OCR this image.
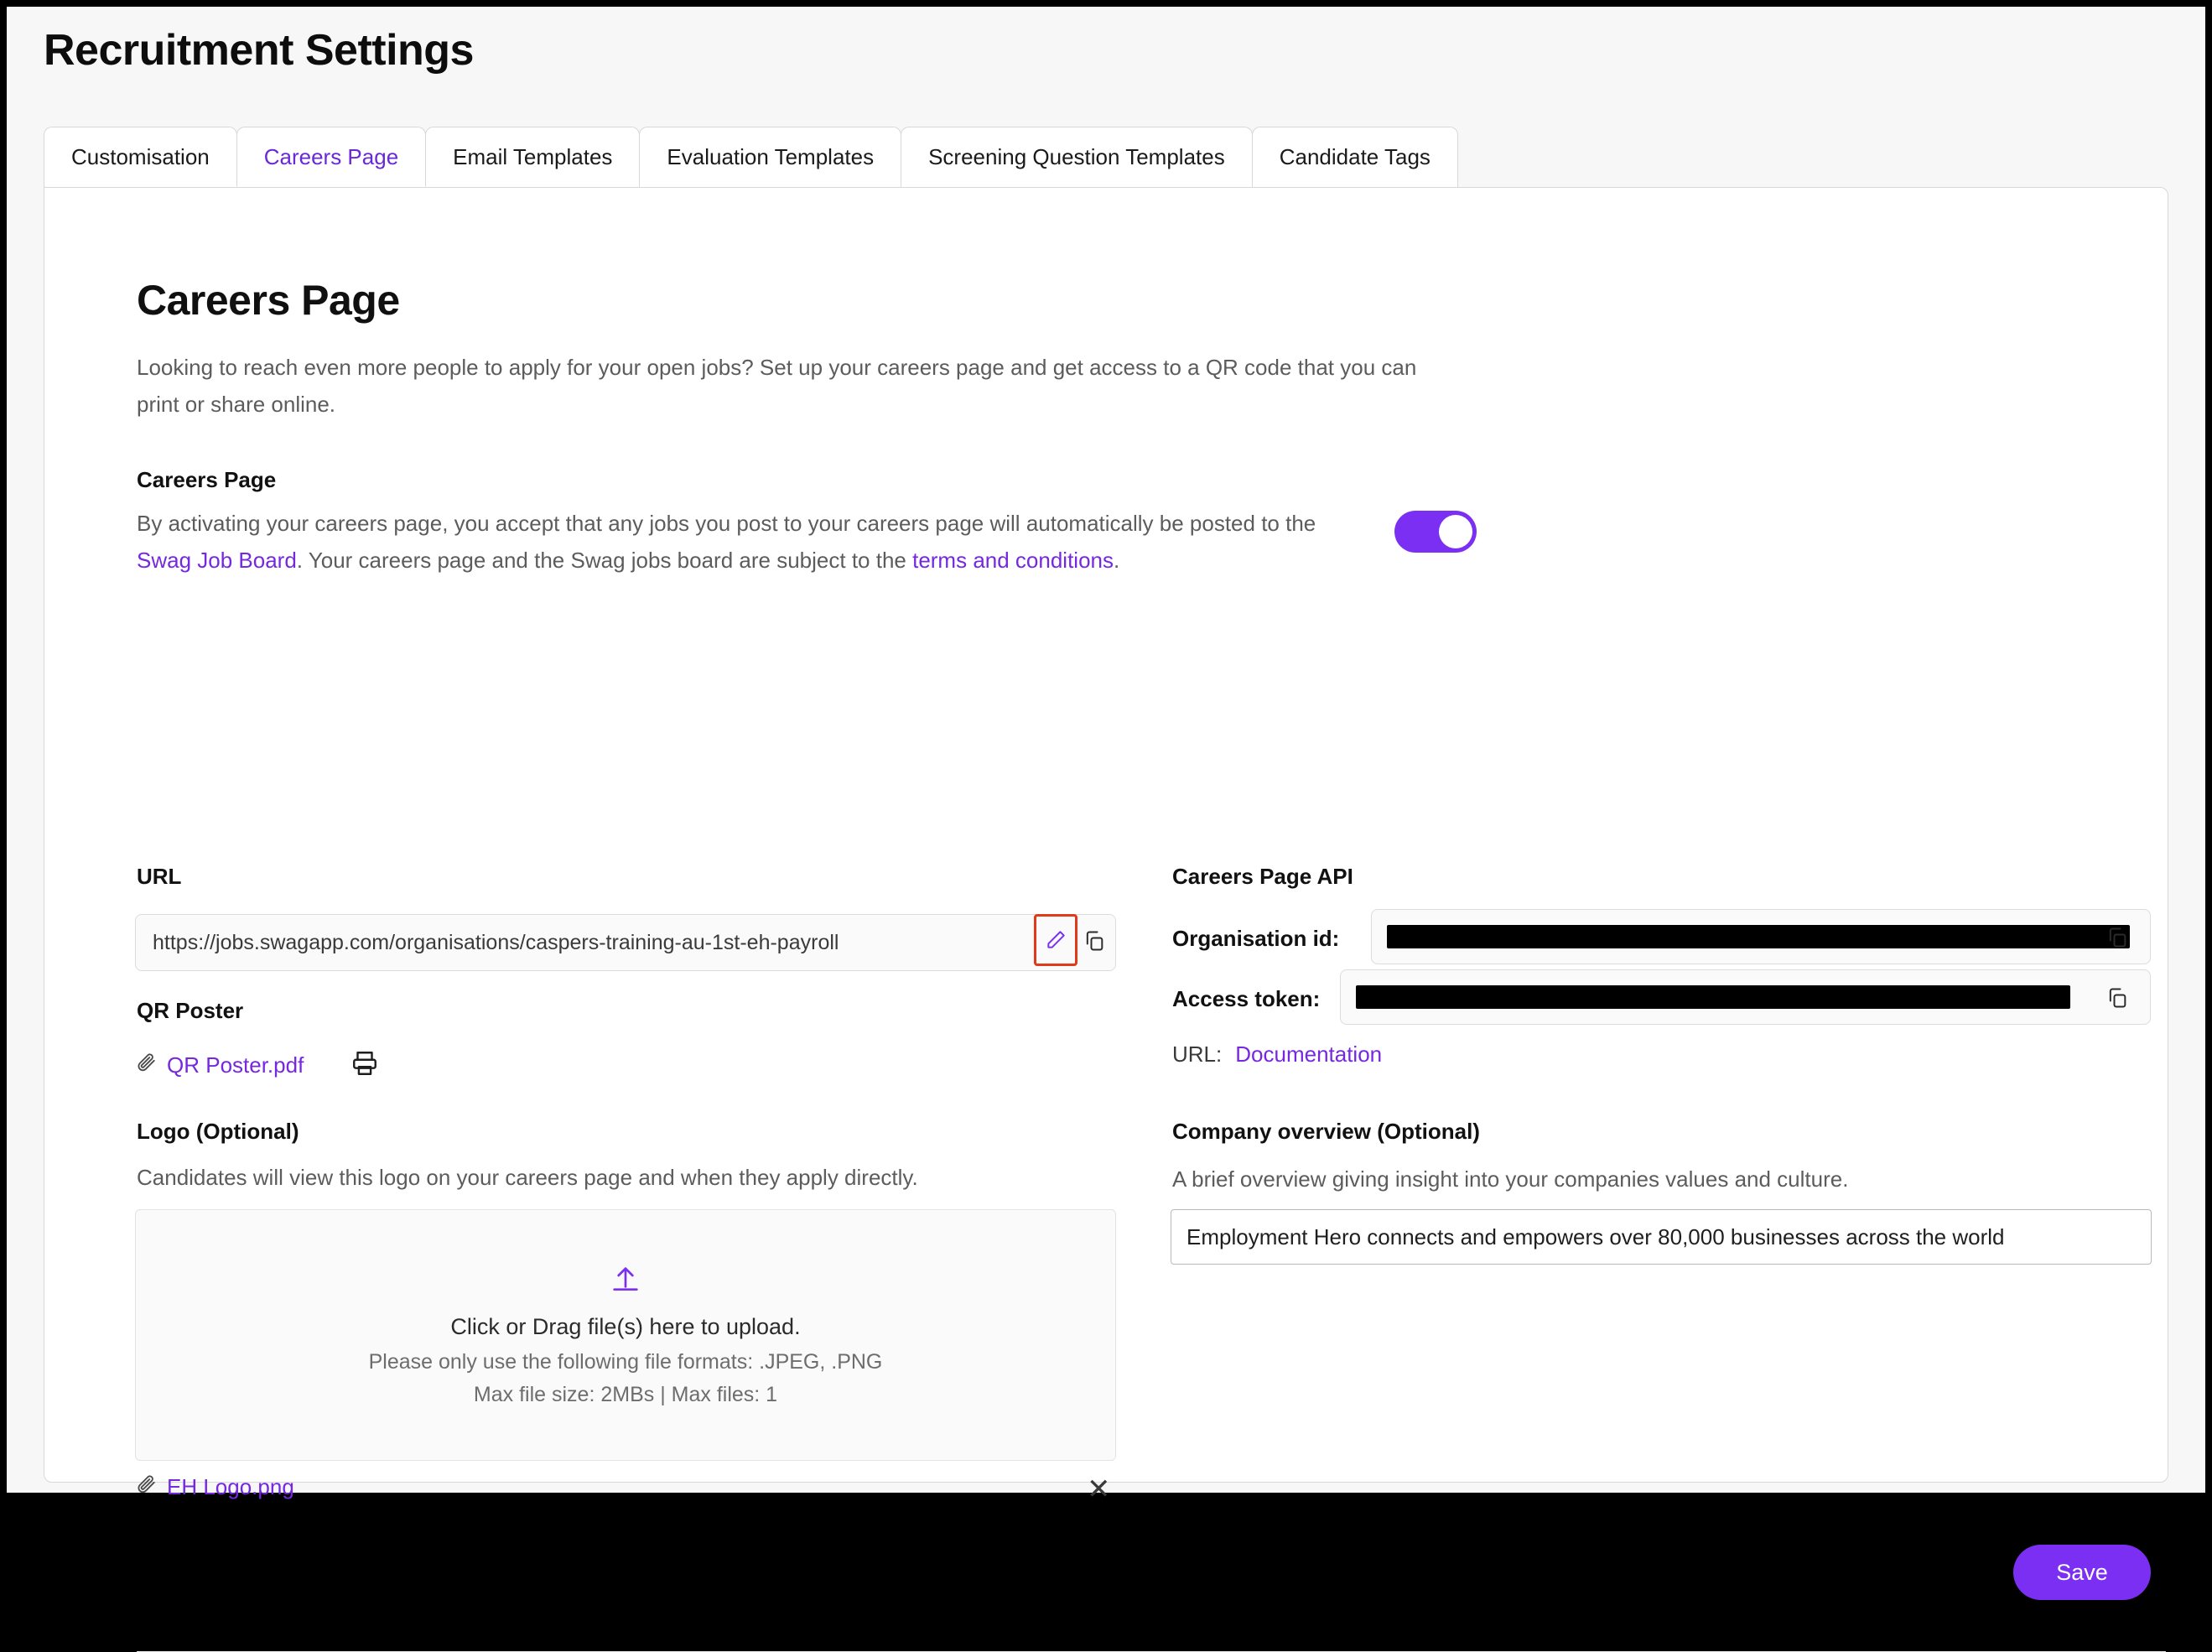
Recruitment Settings
Customisation	Careers Page	Email Templates	Evaluation Templates	Screening Question Templates	Candidate Tags
Careers Page
Looking to reach even more people to apply for your open jobs? Set up your careers page and get access to a QR code that you can print or share online.
Careers Page
By activating your careers page, you accept that any jobs you post to your careers page will automatically be posted to the Swag Job Board. Your careers page and the Swag jobs board are subject to the terms and conditions.
URL
https://jobs.swagapp.com/organisations/caspers-training-au-1st-eh-payroll
QR Poster
QR Poster.pdf
Logo (Optional)
Candidates will view this logo on your careers page and when they apply directly.
Click or Drag file(s) here to upload.
Please only use the following file formats: .JPEG, .PNG
Max file size: 2MBs | Max files: 1
EH Logo.png	✕
Careers Page API
Organisation id:
Access token:
URL: Documentation
Company overview (Optional)
A brief overview giving insight into your companies values and culture.
Employment Hero connects and empowers over 80,000 businesses across the world
Save
